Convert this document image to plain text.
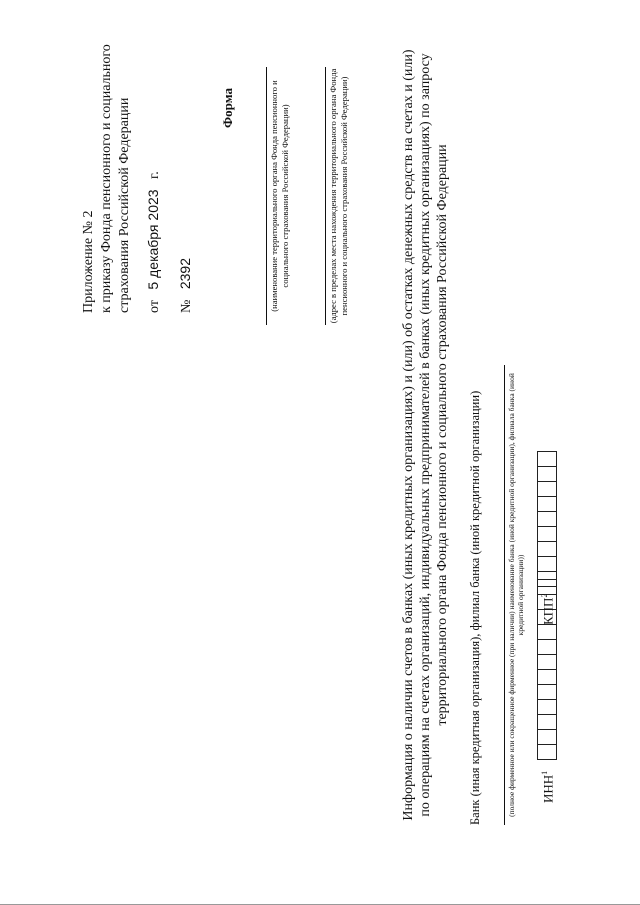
Приложение № 2 к приказу Фонда пенсионного и социального страхования Российской Федерации от   5 декабря 2023   г.
№   2392
Форма	(наименование территориального органа Фонда пенсионного и социального страхования Российской Федерации)	(адрес в пределах места нахождения территориального органа Фонда пенсионного и социального страхования Российской Федерации)	Информация о наличии счетов в банках (иных кредитных организациях) и (или) об остатках денежных средств на счетах и (или) по операциям на счетах организаций, индивидуальных предпринимателей в банках (иных кредитных организациях) по запросу территориального органа Фонда пенсионного и социального страхования Российской Федерации Банк (иная кредитная организация), филиал банка (иной кредитной организации)	(полное фирменное или сокращенное фирменное (при наличии) наименование банка (иной кредитной организации), филиала банка (иной кредитной организации))
ИНН$^1$
КПП$^2$
